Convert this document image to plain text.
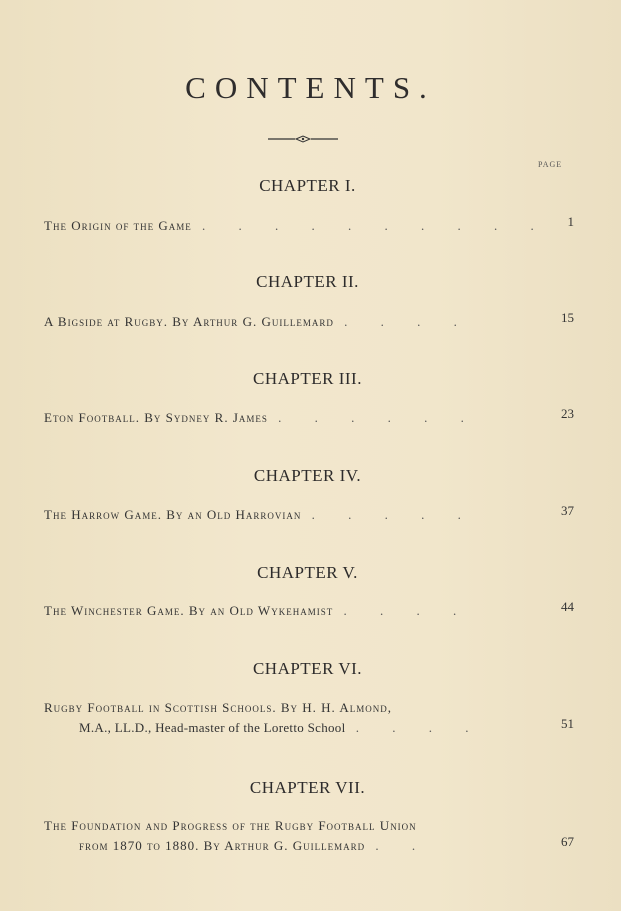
CONTENTS.
PAGE
CHAPTER I.
The Origin of the Game . . . . . . . . . . 1
CHAPTER II.
A Bigside at Rugby. By Arthur G. Guillemard . . . .	15
CHAPTER III.
Eton Football. By Sydney R. James . . . . . .	23
CHAPTER IV.
The Harrow Game. By an Old Harrovian . . . . .	37
CHAPTER V.
The Winchester Game. By an Old Wykehamist . . . .	44
CHAPTER VI.
Rugby Football in Scottish Schools. By H. H. Almond,
M.A., LL.D., Head-master of the Loretto School . . . .	51
CHAPTER VII.
The Foundation and Progress of the Rugby Football Union
from 1870 to 1880. By Arthur G. Guillemard . .	67
